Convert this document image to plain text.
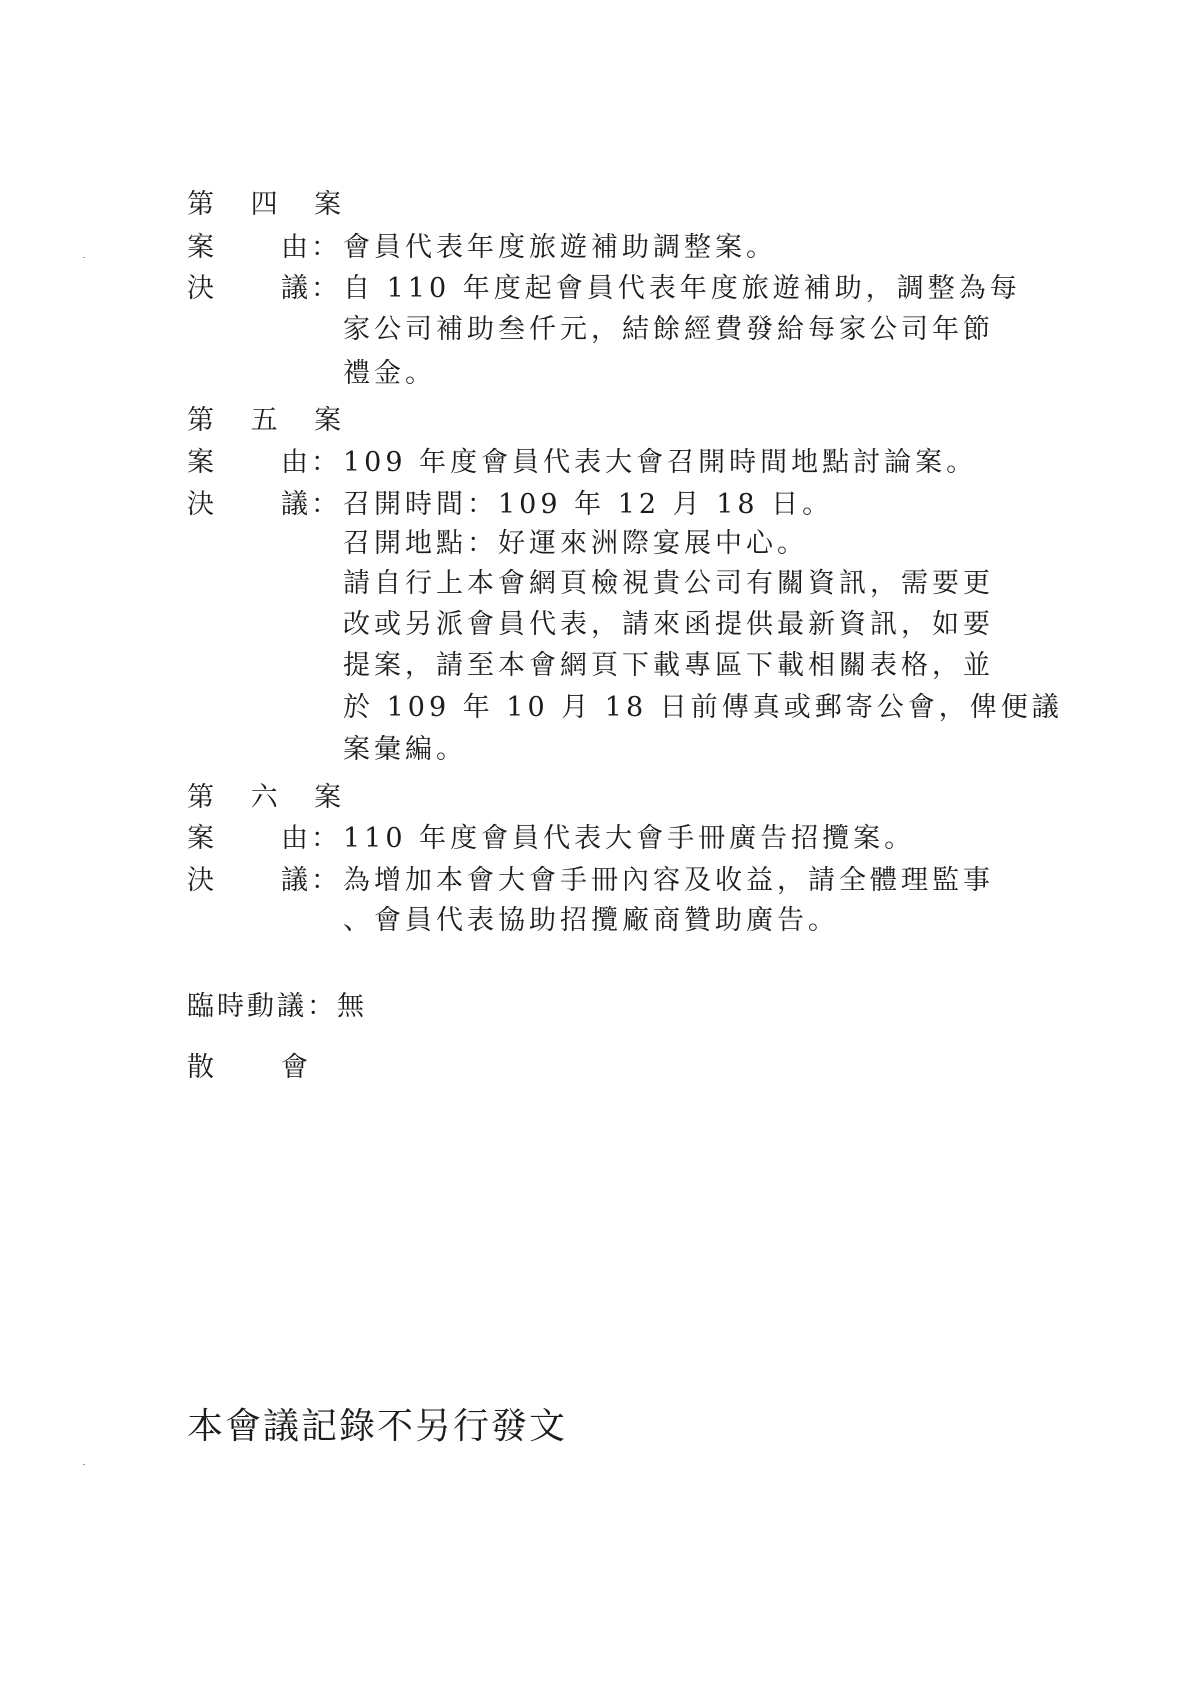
第 四 案
案 由 ： 會員代表年度旅遊補助調整案。
決 議 ： 自 110 年度起會員代表年度旅遊補助，調整為每
家公司補助叁仟元，結餘經費發給每家公司年節
禮金。
第 五 案
案 由 ： 109 年度會員代表大會召開時間地點討論案。
決 議 ： 召開時間：109 年 12 月 18 日。
召開地點：好運來洲際宴展中心。
請自行上本會網頁檢視貴公司有關資訊，需要更
改或另派會員代表，請來函提供最新資訊，如要
提案，請至本會網頁下載專區下載相關表格，並
於 109 年 10 月 18 日前傳真或郵寄公會，俾便議
案彙編。
第 六 案
案 由 ： 110 年度會員代表大會手冊廣告招攬案。
決 議 ： 為增加本會大會手冊內容及收益，請全體理監事
、會員代表協助招攬廠商贊助廣告。
臨時動議：無
散 會
本會議記錄不另行發文
